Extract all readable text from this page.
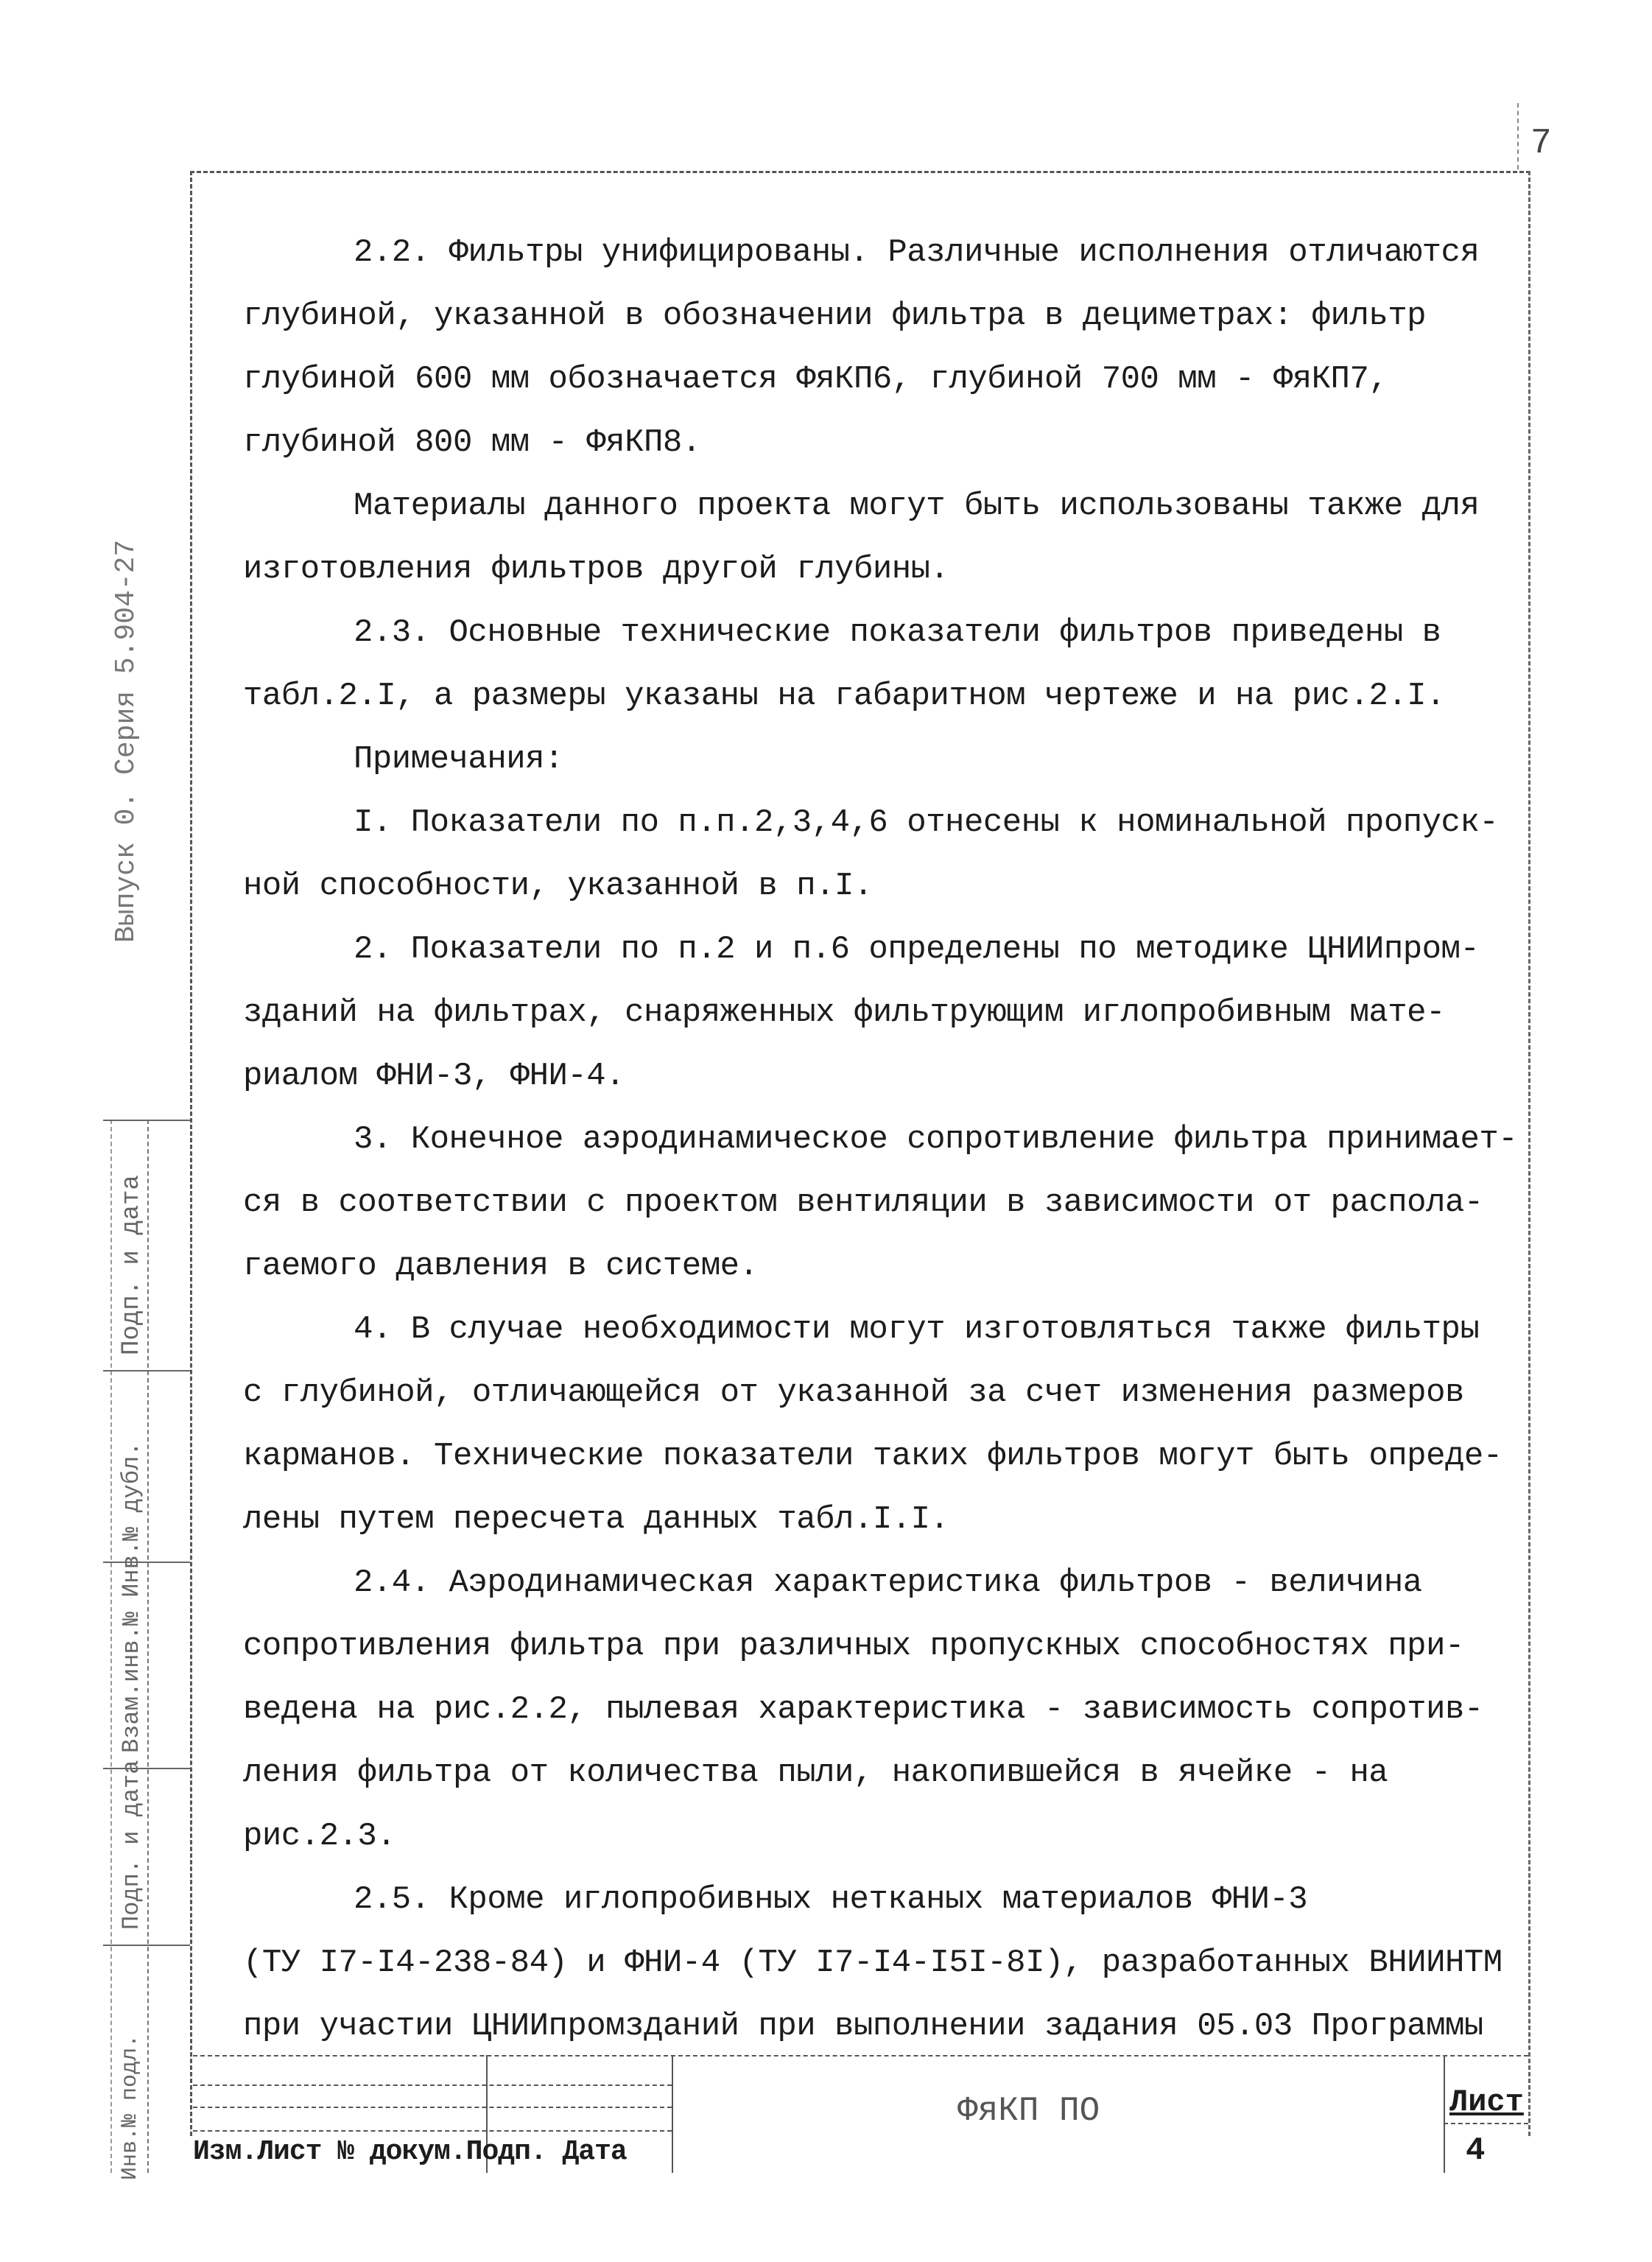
7
Выпуск 0. Серия 5.904-27
Подп. и дата
Взам.инв.№ Инв.№ дубл.
Подп. и дата
Инв.№ подл.

2.2. Фильтры унифицированы. Различные исполнения отличаются

глубиной, указанной в обозначении фильтра в дециметрах: фильтр

глубиной 600 мм обозначается ФяКП6, глубиной 700 мм - ФяКП7,

глубиной 800 мм - ФяКП8.

Материалы данного проекта могут быть использованы также для

изготовления фильтров другой глубины.

2.3. Основные технические показатели фильтров приведены в

табл.2.I, а размеры указаны на габаритном чертеже и на рис.2.I.

Примечания:

I. Показатели по п.п.2,3,4,6 отнесены к номинальной пропуск-

ной способности, указанной в п.I.

2. Показатели по п.2 и п.6 определены по методике ЦНИИпром-

зданий на фильтрах, снаряженных фильтрующим иглопробивным мате-

риалом ФНИ-3, ФНИ-4.

3. Конечное аэродинамическое сопротивление фильтра принимает-

ся в соответствии с проектом вентиляции в зависимости от распола-

гаемого давления в системе.

4. В случае необходимости могут изготовляться также фильтры

с глубиной, отличающейся от указанной за счет изменения размеров

карманов. Технические показатели таких фильтров могут быть опреде-

лены путем пересчета данных табл.I.I.

2.4. Аэродинамическая характеристика фильтров - величина

сопротивления фильтра при различных пропускных способностях при-

ведена на рис.2.2, пылевая характеристика - зависимость сопротив-

ления фильтра от количества пыли, накопившейся в ячейке - на

рис.2.3.

2.5. Кроме иглопробивных нетканых материалов ФНИ-3

(ТУ I7-I4-238-84) и ФНИ-4 (ТУ I7-I4-I5I-8I), разработанных ВНИИНТМ

при участии ЦНИИпромзданий при выполнении задания 05.03 Программы

Изм.Лист № докум.Подп. Дата
ФяКП ПО	Лист
4
